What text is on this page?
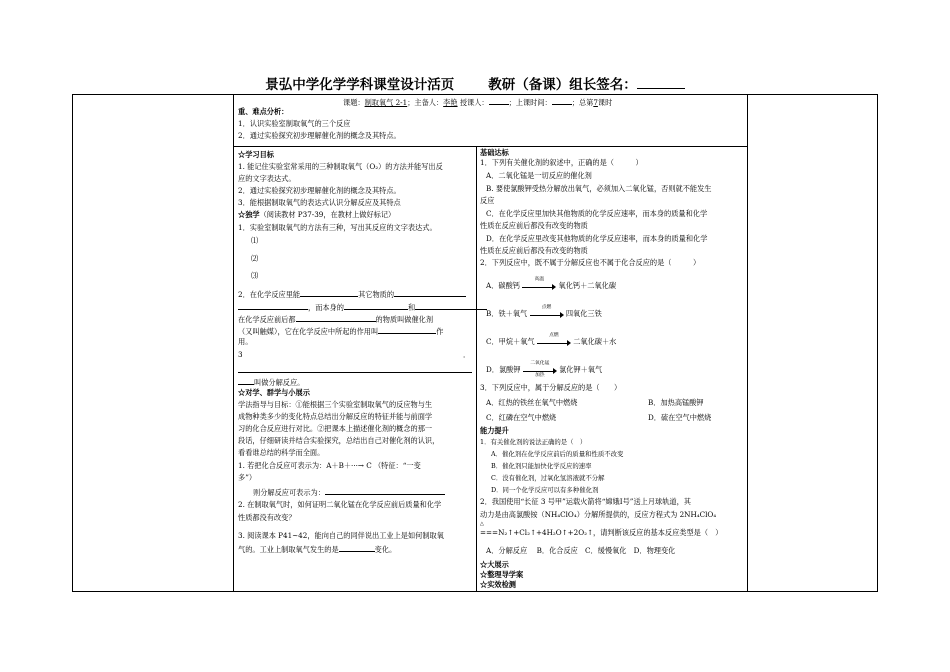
景弘中学化学学科课堂设计活页	教研（备课）组长签名：
课题：制取氧气 2-1；主备人：李艳 授课人：	；上课时间：	；总第7课时
重、难点分析：
1．认识实验室制取氧气的三个反应
2．通过实验探究初步理解催化剂的概念及其特点。
☆学习目标
1. 能记住实验室常采用的三种制取氧气（O₂）的方法并能写出反
应的文字表达式。
2．通过实验探究初步理解催化剂的概念及其特点。
3．能根据制取氧气的表达式认识分解反应及其特点
☆独学（阅读教材 P37-39，在教材上做好标记）
1．实验室制取氧气的方法有三种，写出其反应的文字表达式。
⑴
⑵
⑶
2．在化学反应里能	其它物质的
，而本身的	和
在化学反应前后都	的物质叫做催化剂
（又叫触媒），它在化学反应中所起的作用叫	作
用。
3	．
叫做分解反应。
☆对学、群学与小展示
学法指导与目标：①能根据三个实验室制取氧气的反应物与生
成物种类多少的变化特点总结出分解反应的特征并能与前面学
习的化合反应进行对比。②把课本上描述催化剂的概念的那一
段话，仔细研读并结合实验探究，总结出自己对催化剂的认识，
看看谁总结的科学而全面。
1. 若把化合反应可表示为：A＋B＋···→ C （特征：“一变
多”）
则分解反应可表示为：
2. 在制取氧气时，如何证明二氧化锰在化学反应前后质量和化学
性质都没有改变？
3. 阅读课本 P41~42，能向自己的同伴说出工业上是如何制取氧
气的。工业上制取氧气发生的是	变化。
基础达标
1．下列有关催化剂的叙述中，正确的是（　　　）
A．二氧化锰是一切反应的催化剂
B. 要使氯酸钾受热分解放出氧气，必须加入二氧化锰，否则就不能发生
反应
C．在化学反应里加快其他物质的化学反应速率，而本身的质量和化学
性质在反应前后都没有改变的物质
D．在化学反应里改变其他物质的化学反应速率，而本身的质量和化学
性质在反应前后都没有改变的物质
2．下列反应中，既不属于分解反应也不属于化合反应的是（　　　）
A．碳酸钙
高温
氧化钙＋二氧化碳
B．铁＋氧气
点燃
四氧化三铁
C．甲烷＋氧气
点燃
二氧化碳＋水
D．氯酸钾
二氧化锰
加热
氯化钾＋氧气
3．下列反应中，属于分解反应的是（　　）
A．红热的铁丝在氧气中燃烧	B．加热高锰酸钾
C．红磷在空气中燃烧	D．硫在空气中燃烧
能力提升
1．有关催化剂的说法正确的是（　）
A．催化剂在化学反应前后的质量和性质不改变
B．催化剂只能加快化学反应的速率
C．没有催化剂，过氧化氢溶液就不分解
D．同一个化学反应可以有多种催化剂
2．我国使用“长征 3 号甲”运载火箭将“嫦娥Ⅰ号”送上月球轨道，其
动力是由高氯酸铵（NH₄ClO₄）分解所提供的，反应方程式为 2NH₄ClO₄
△
===N₂↑+Cl₂↑+4H₂O↑+2O₂↑，请判断该反应的基本反应类型是（　）
A．分解反应　 B．化合反应　C．缓慢氧化　D．物理变化
☆大展示
☆整理导学案
☆实效检测
